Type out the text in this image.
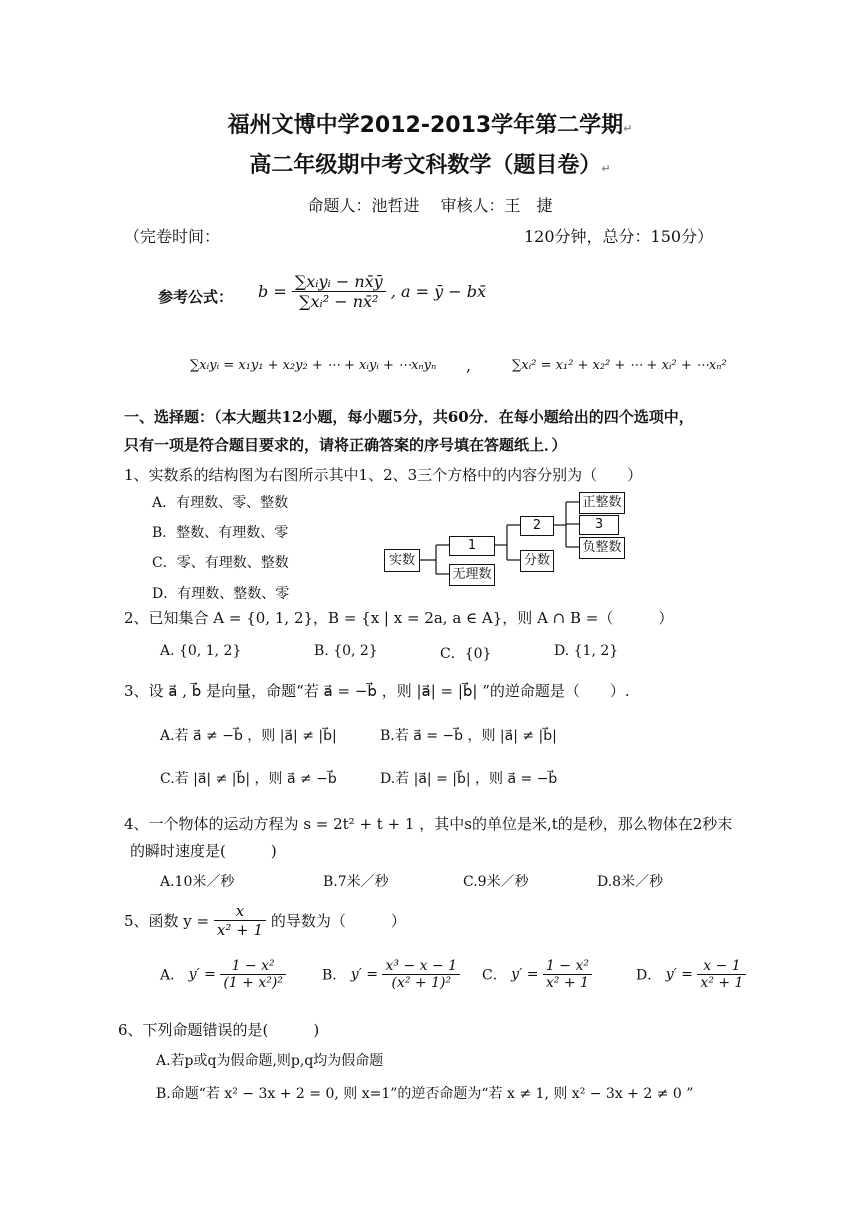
福州文博中学2012-2013学年第二学期↵
高二年级期中考文科数学（题目卷）↵
命题人：池哲进　 审核人：王　捷
（完卷时间：	120分钟，总分：150分）
参考公式： $b = \frac{\text{∑xᵢyᵢ − nx̄ȳ}}{\text{∑xᵢ² − nx̄²}}$ , a = ȳ − bx̄
∑xᵢyᵢ = x₁y₁ + x₂y₂ + ⋯ + xᵢyᵢ + ⋯xₙyₙ ,	∑xᵢ² = x₁² + x₂² + ⋯ + xᵢ² + ⋯xₙ²
一、选择题：（本大题共12小题，每小题5分，共60分．在每小题给出的四个选项中，
只有一项是符合题目要求的，请将正确答案的序号填在答题纸上．）
1、实数系的结构图为右图所示其中1、2、3三个方格中的内容分别为（　　）
A．有理数、零、整数
B．整数、有理数、零
C．零、有理数、整数
D．有理数、整数、零
实数
1
无理数
2
分数
正整数
3
负整数
2、已知集合 A = {0, 1, 2}，B = {x | x = 2a, a ∈ A}，则 A ∩ B =（　　　）
A. {0, 1, 2}	B. {0, 2}	C．{0}	D. {1, 2}
3、设 a⃗ , b⃗ 是向量，命题“若 a⃗ = −b⃗ ，则 |a⃗| = |b⃗| ”的逆命题是（　　）.
A.若 a⃗ ≠ −b⃗ ，则 |a⃗| ≠ |b⃗|	B.若 a⃗ = −b⃗ ，则 |a⃗| ≠ |b⃗|
C.若 |a⃗| ≠ |b⃗| ，则 a⃗ ≠ −b⃗	D.若 |a⃗| = |b⃗| ，则 a⃗ = −b⃗
4、一个物体的运动方程为 s = 2t² + t + 1 ，其中s的单位是米,t的是秒，那么物体在2秒末
的瞬时速度是(　　　)
A.10米／秒	B.7米／秒	C.9米／秒	D.8米／秒
5、函数 $y = \frac{x}{\text{x² + 1}}$ 的导数为（　　　）
A． $y' = \frac{\text{1 − x²}}{\text{(1 + x²)²}}$	B． $y' = \frac{\text{x³ − x − 1}}{\text{(x² + 1)²}}$ C． $y' = \frac{\text{1 − x²}}{\text{x² + 1}}$	D． $y' = \frac{x - 1}{\text{x² + 1}}$
6、下列命题错误的是(　　　)
A.若p或q为假命题,则p,q均为假命题
B.命题“若 x² − 3x + 2 = 0, 则 x=1”的逆否命题为“若 x ≠ 1, 则 x² − 3x + 2 ≠ 0 ”
